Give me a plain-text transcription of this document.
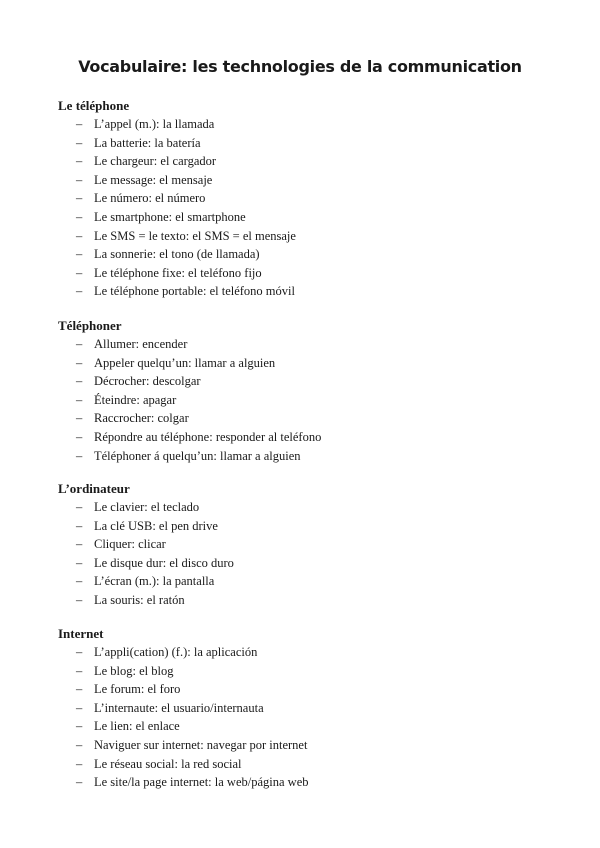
Vocabulaire: les technologies de la communication
Le téléphone
– L’appel (m.): la llamada
– La batterie: la batería
– Le chargeur: el cargador
– Le message: el mensaje
– Le número: el número
– Le smartphone: el smartphone
– Le SMS = le texto: el SMS = el mensaje
– La sonnerie: el tono (de llamada)
– Le téléphone fixe: el teléfono fijo
– Le téléphone portable: el teléfono móvil
Téléphoner
– Allumer: encender
– Appeler quelqu’un: llamar a alguien
– Décrocher: descolgar
– Éteindre: apagar
– Raccrocher: colgar
– Répondre au téléphone: responder al teléfono
– Téléphoner á quelqu’un: llamar a alguien
L’ordinateur
– Le clavier: el teclado
– La clé USB: el pen drive
– Cliquer: clicar
– Le disque dur: el disco duro
– L’écran (m.): la pantalla
– La souris: el ratón
Internet
– L’appli(cation) (f.): la aplicación
– Le blog: el blog
– Le forum: el foro
– L’internaute: el usuario/internauta
– Le lien: el enlace
– Naviguer sur internet: navegar por internet
– Le réseau social: la red social
– Le site/la page internet: la web/página web
